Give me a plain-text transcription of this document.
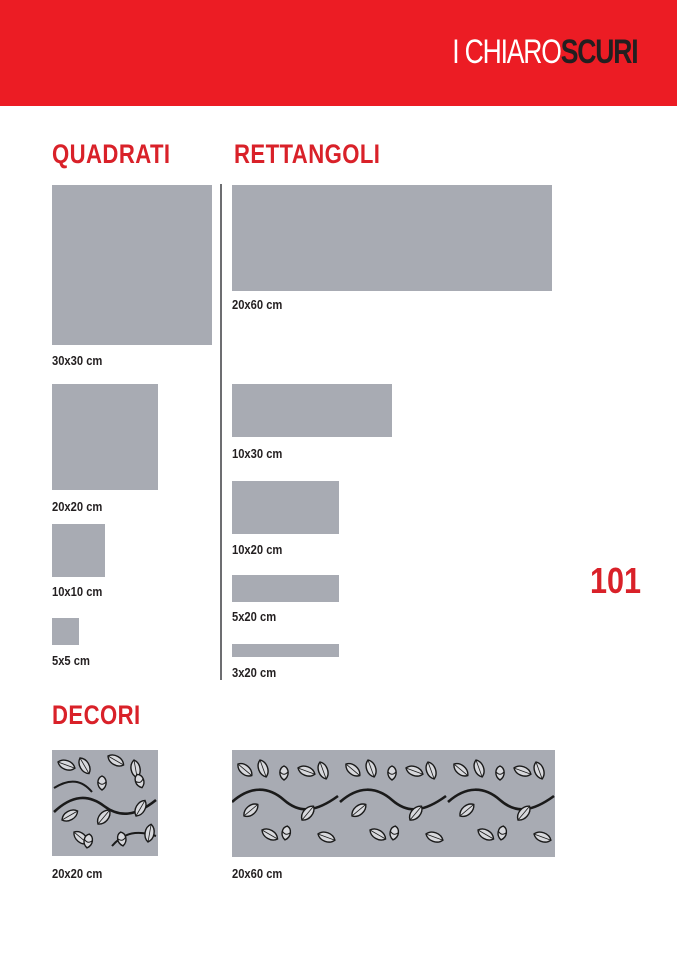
I CHIAROSCURI
QUADRATI RETTANGOLI
30x30 cm
20x20 cm
10x10 cm
5x5 cm
20x60 cm
10x30 cm
10x20 cm
5x20 cm
3x20 cm
101
DECORI
20x20 cm	20x60 cm
